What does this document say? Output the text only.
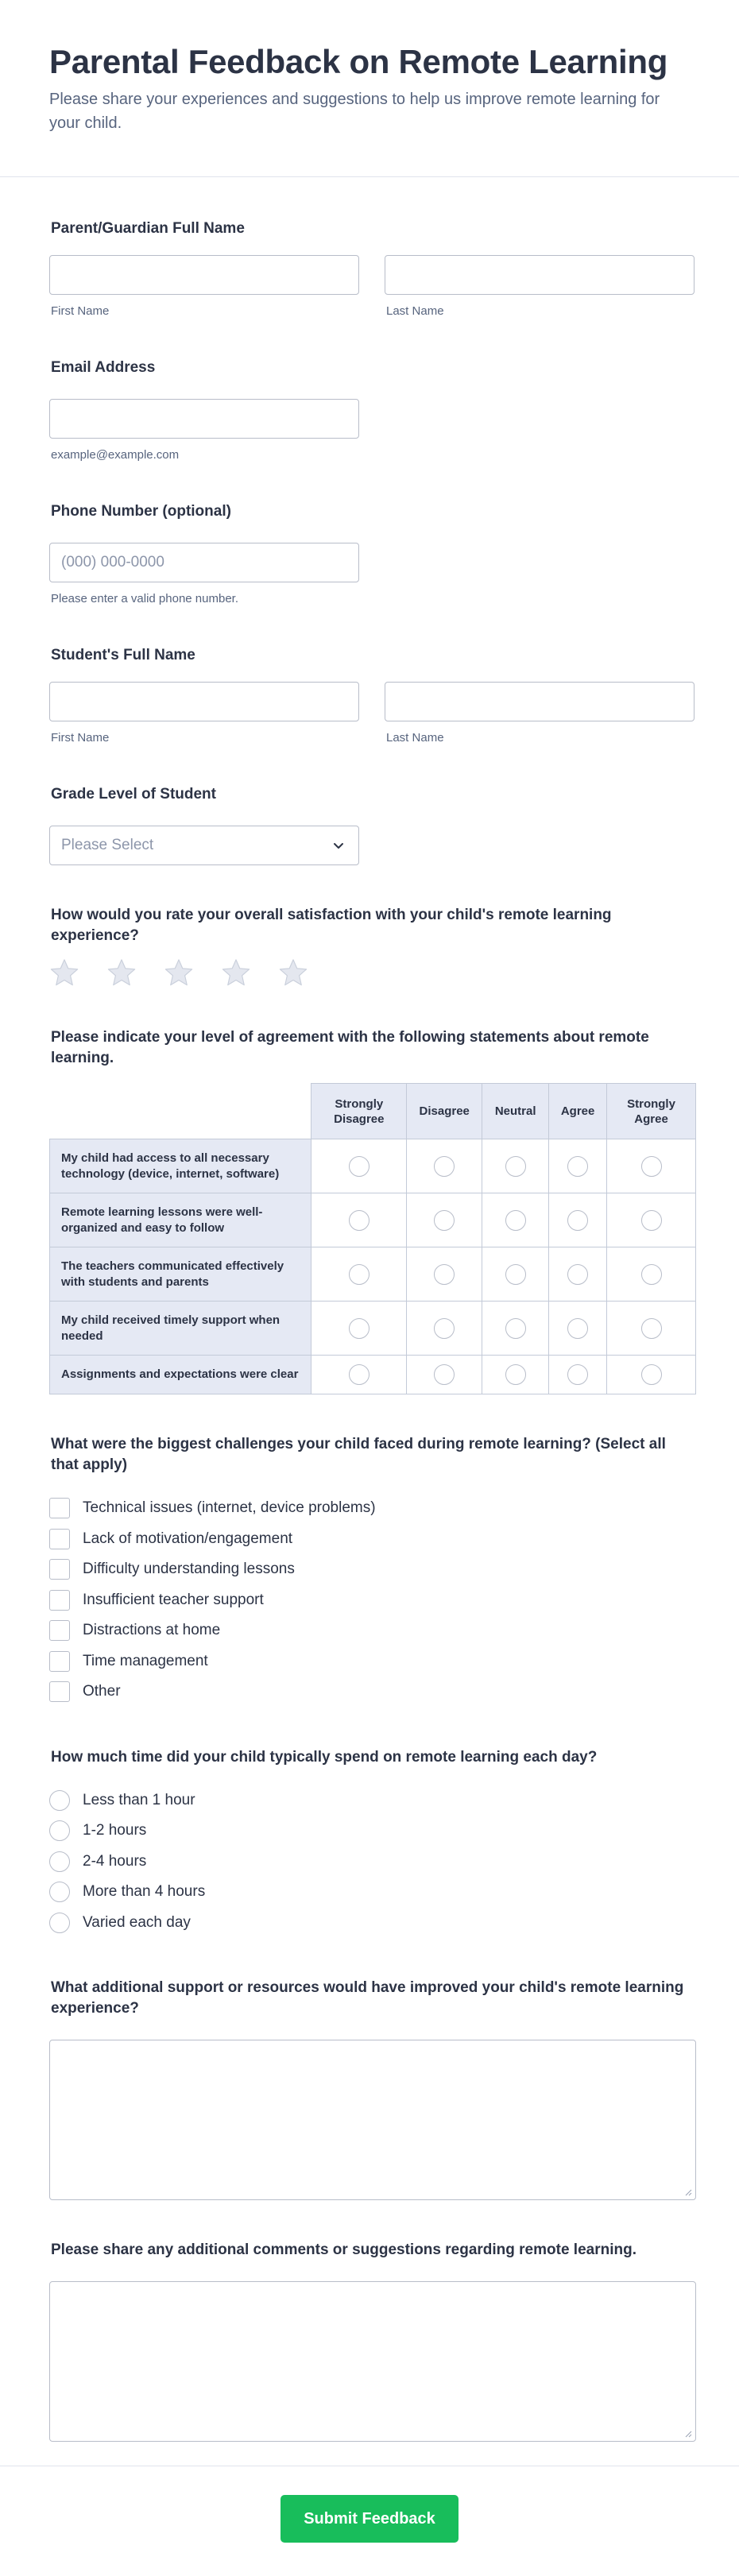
Parental Feedback on Remote Learning

Please share your experiences and suggestions to help us improve remote learning for your child.

Parent/Guardian Full Name
First Name	Last Name
Email Address
example@example.com
Phone Number (optional)
(000) 000-0000
Please enter a valid phone number.
Student's Full Name
First Name	Last Name
Grade Level of Student
Please Select
How would you rate your overall satisfaction with your child's remote learning experience?
Please indicate your level of agreement with the following statements about remote learning.
	Strongly Disagree	Disagree	Neutral	Agree	Strongly Agree
My child had access to all necessary technology (device, internet, software)					
Remote learning lessons were well-organized and easy to follow					
The teachers communicated effectively with students and parents					
My child received timely support when needed					
Assignments and expectations were clear					
What were the biggest challenges your child faced during remote learning? (Select all that apply)
Technical issues (internet, device problems)
Lack of motivation/engagement
Difficulty understanding lessons
Insufficient teacher support
Distractions at home
Time management
Other
How much time did your child typically spend on remote learning each day?
Less than 1 hour
1-2 hours
2-4 hours
More than 4 hours
Varied each day
What additional support or resources would have improved your child's remote learning experience?
Please share any additional comments or suggestions regarding remote learning.
Submit Feedback
